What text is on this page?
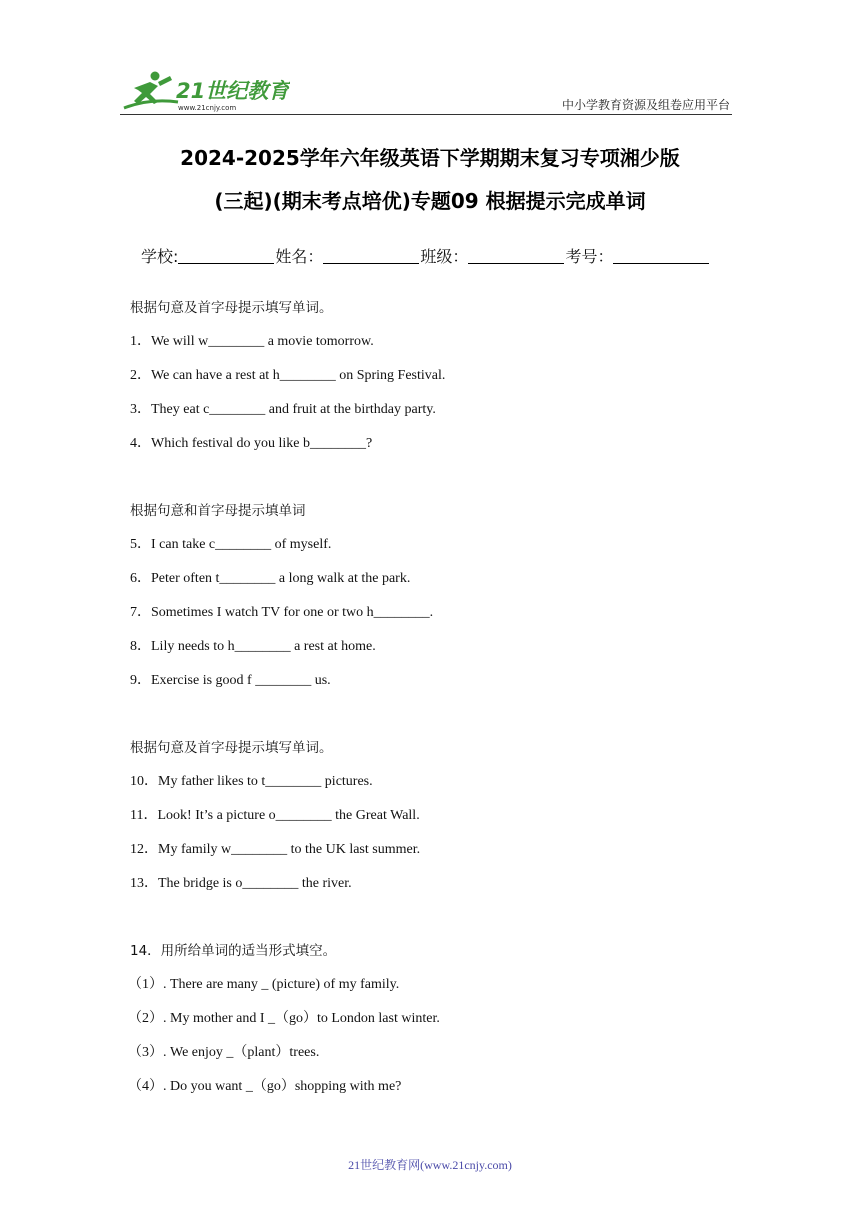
21世纪教育
www.21cnjy.com	中小学教育资源及组卷应用平台
2024-2025学年六年级英语下学期期末复习专项湘少版
(三起)(期末考点培优)专题09 根据提示完成单词
学校:	姓名：	班级：	考号：
根据句意及首字母提示填写单词。
1．We will w________ a movie tomorrow.
2．We can have a rest at h________ on Spring Festival.
3．They eat c________ and fruit at the birthday party.
4．Which festival do you like b________?
根据句意和首字母提示填单词
5．I can take c________ of myself.
6．Peter often t________ a long walk at the park.
7．Sometimes I watch TV for one or two h________.
8．Lily needs to h________ a rest at home.
9．Exercise is good f ________ us.
根据句意及首字母提示填写单词。
10．My father likes to t________ pictures.
11．Look! It’s a picture o________ the Great Wall.
12．My family w________ to the UK last summer.
13．The bridge is o________ the river.
14．用所给单词的适当形式填空。
（1）. There are many _ (picture) of my family.
（2）. My mother and I _（go）to London last winter.
（3）. We enjoy _（plant）trees.
（4）. Do you want _（go）shopping with me?
21世纪教育网(www.21cnjy.com)
